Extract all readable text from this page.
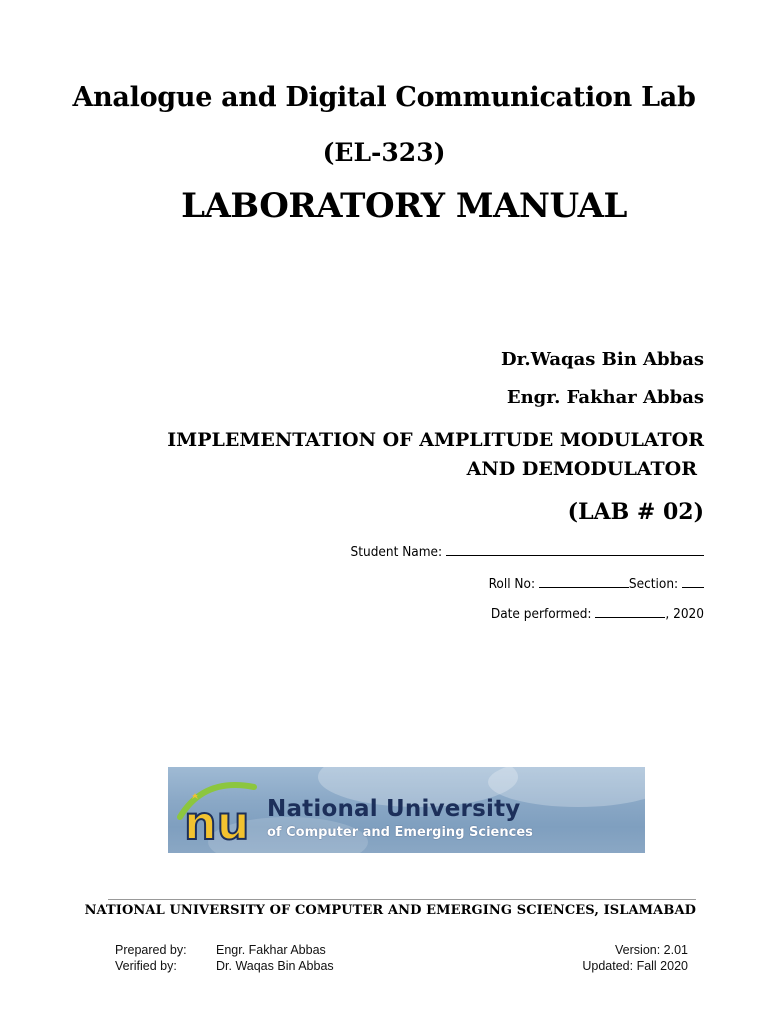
Analogue and Digital Communication Lab
(EL-323)
LABORATORY MANUAL
Dr.Waqas Bin Abbas
Engr. Fakhar Abbas
IMPLEMENTATION OF AMPLITUDE MODULATOR
AND DEMODULATOR
(LAB # 02)
Student Name:
Roll No:	Section:
Date performed:	, 2020
nu National University
of Computer and Emerging Sciences
NATIONAL UNIVERSITY OF COMPUTER AND EMERGING SCIENCES, ISLAMABAD
Prepared by:
Verified by:
Engr. Fakhar Abbas
Dr. Waqas Bin Abbas
Version: 2.01
Updated: Fall 2020
